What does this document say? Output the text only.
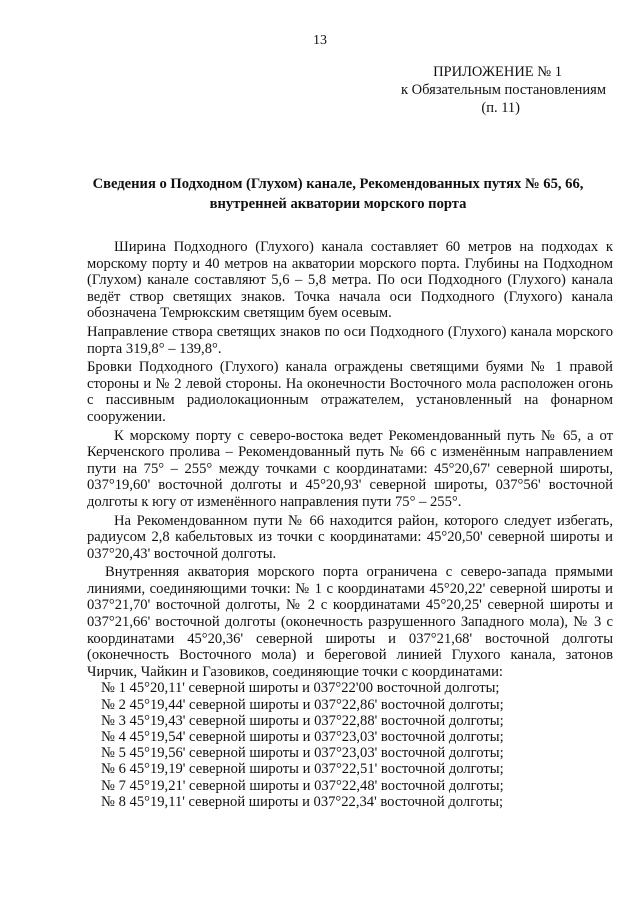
13
ПРИЛОЖЕНИЕ № 1
к Обязательным постановлениям
(п. 11)
Сведения о Подходном (Глухом) канале, Рекомендованных путях № 65, 66,
внутренней акватории морского порта

Ширина Подходного (Глухого) канала составляет 60 метров на подходах к морскому порту и 40 метров на акватории морского порта. Глубины на Подходном (Глухом) канале составляют 5,6 – 5,8 метра. По оси Подходного (Глухого) канала ведёт створ светящих знаков. Точка начала оси Подходного (Глухого) канала обозначена Темрюкским светящим буем осевым.

Направление створа светящих знаков по оси Подходного (Глухого) канала морского порта 319,8° – 139,8°.

Бровки Подходного (Глухого) канала ограждены светящими буями № 1 правой стороны и № 2 левой стороны. На оконечности Восточного мола расположен огонь с пассивным радиолокационным отражателем, установленный на фонарном сооружении.

К морскому порту с северо-востока ведет Рекомендованный путь № 65, а от Керченского пролива – Рекомендованный путь № 66 с изменённым направлением пути на 75° – 255° между точками с координатами: 45°20,67' северной широты, 037°19,60' восточной долготы и 45°20,93' северной широты, 037°56' восточной долготы к югу от изменённого направления пути 75° – 255°.

На Рекомендованном пути № 66 находится район, которого следует избегать, радиусом 2,8 кабельтовых из точки с координатами: 45°20,50' северной широты и 037°20,43' восточной долготы.

Внутренняя акватория морского порта ограничена с северо-запада прямыми линиями, соединяющими точки: № 1 с координатами 45°20,22' северной широты и 037°21,70' восточной долготы, № 2 с координатами 45°20,25' северной широты и 037°21,66' восточной долготы (оконечность разрушенного Западного мола), № 3 с координатами 45°20,36' северной широты и 037°21,68' восточной долготы (оконечность Восточного мола) и береговой линией Глухого канала, затонов Чирчик, Чайкин и Газовиков, соединяющие точки с координатами:

№ 1 45°20,11' северной широты и 037°22'00 восточной долготы;
№ 2 45°19,44' северной широты и 037°22,86' восточной долготы;
№ 3 45°19,43' северной широты и 037°22,88' восточной долготы;
№ 4 45°19,54' северной широты и 037°23,03' восточной долготы;
№ 5 45°19,56' северной широты и 037°23,03' восточной долготы;
№ 6 45°19,19' северной широты и 037°22,51' восточной долготы;
№ 7 45°19,21' северной широты и 037°22,48' восточной долготы;
№ 8 45°19,11' северной широты и 037°22,34' восточной долготы;
